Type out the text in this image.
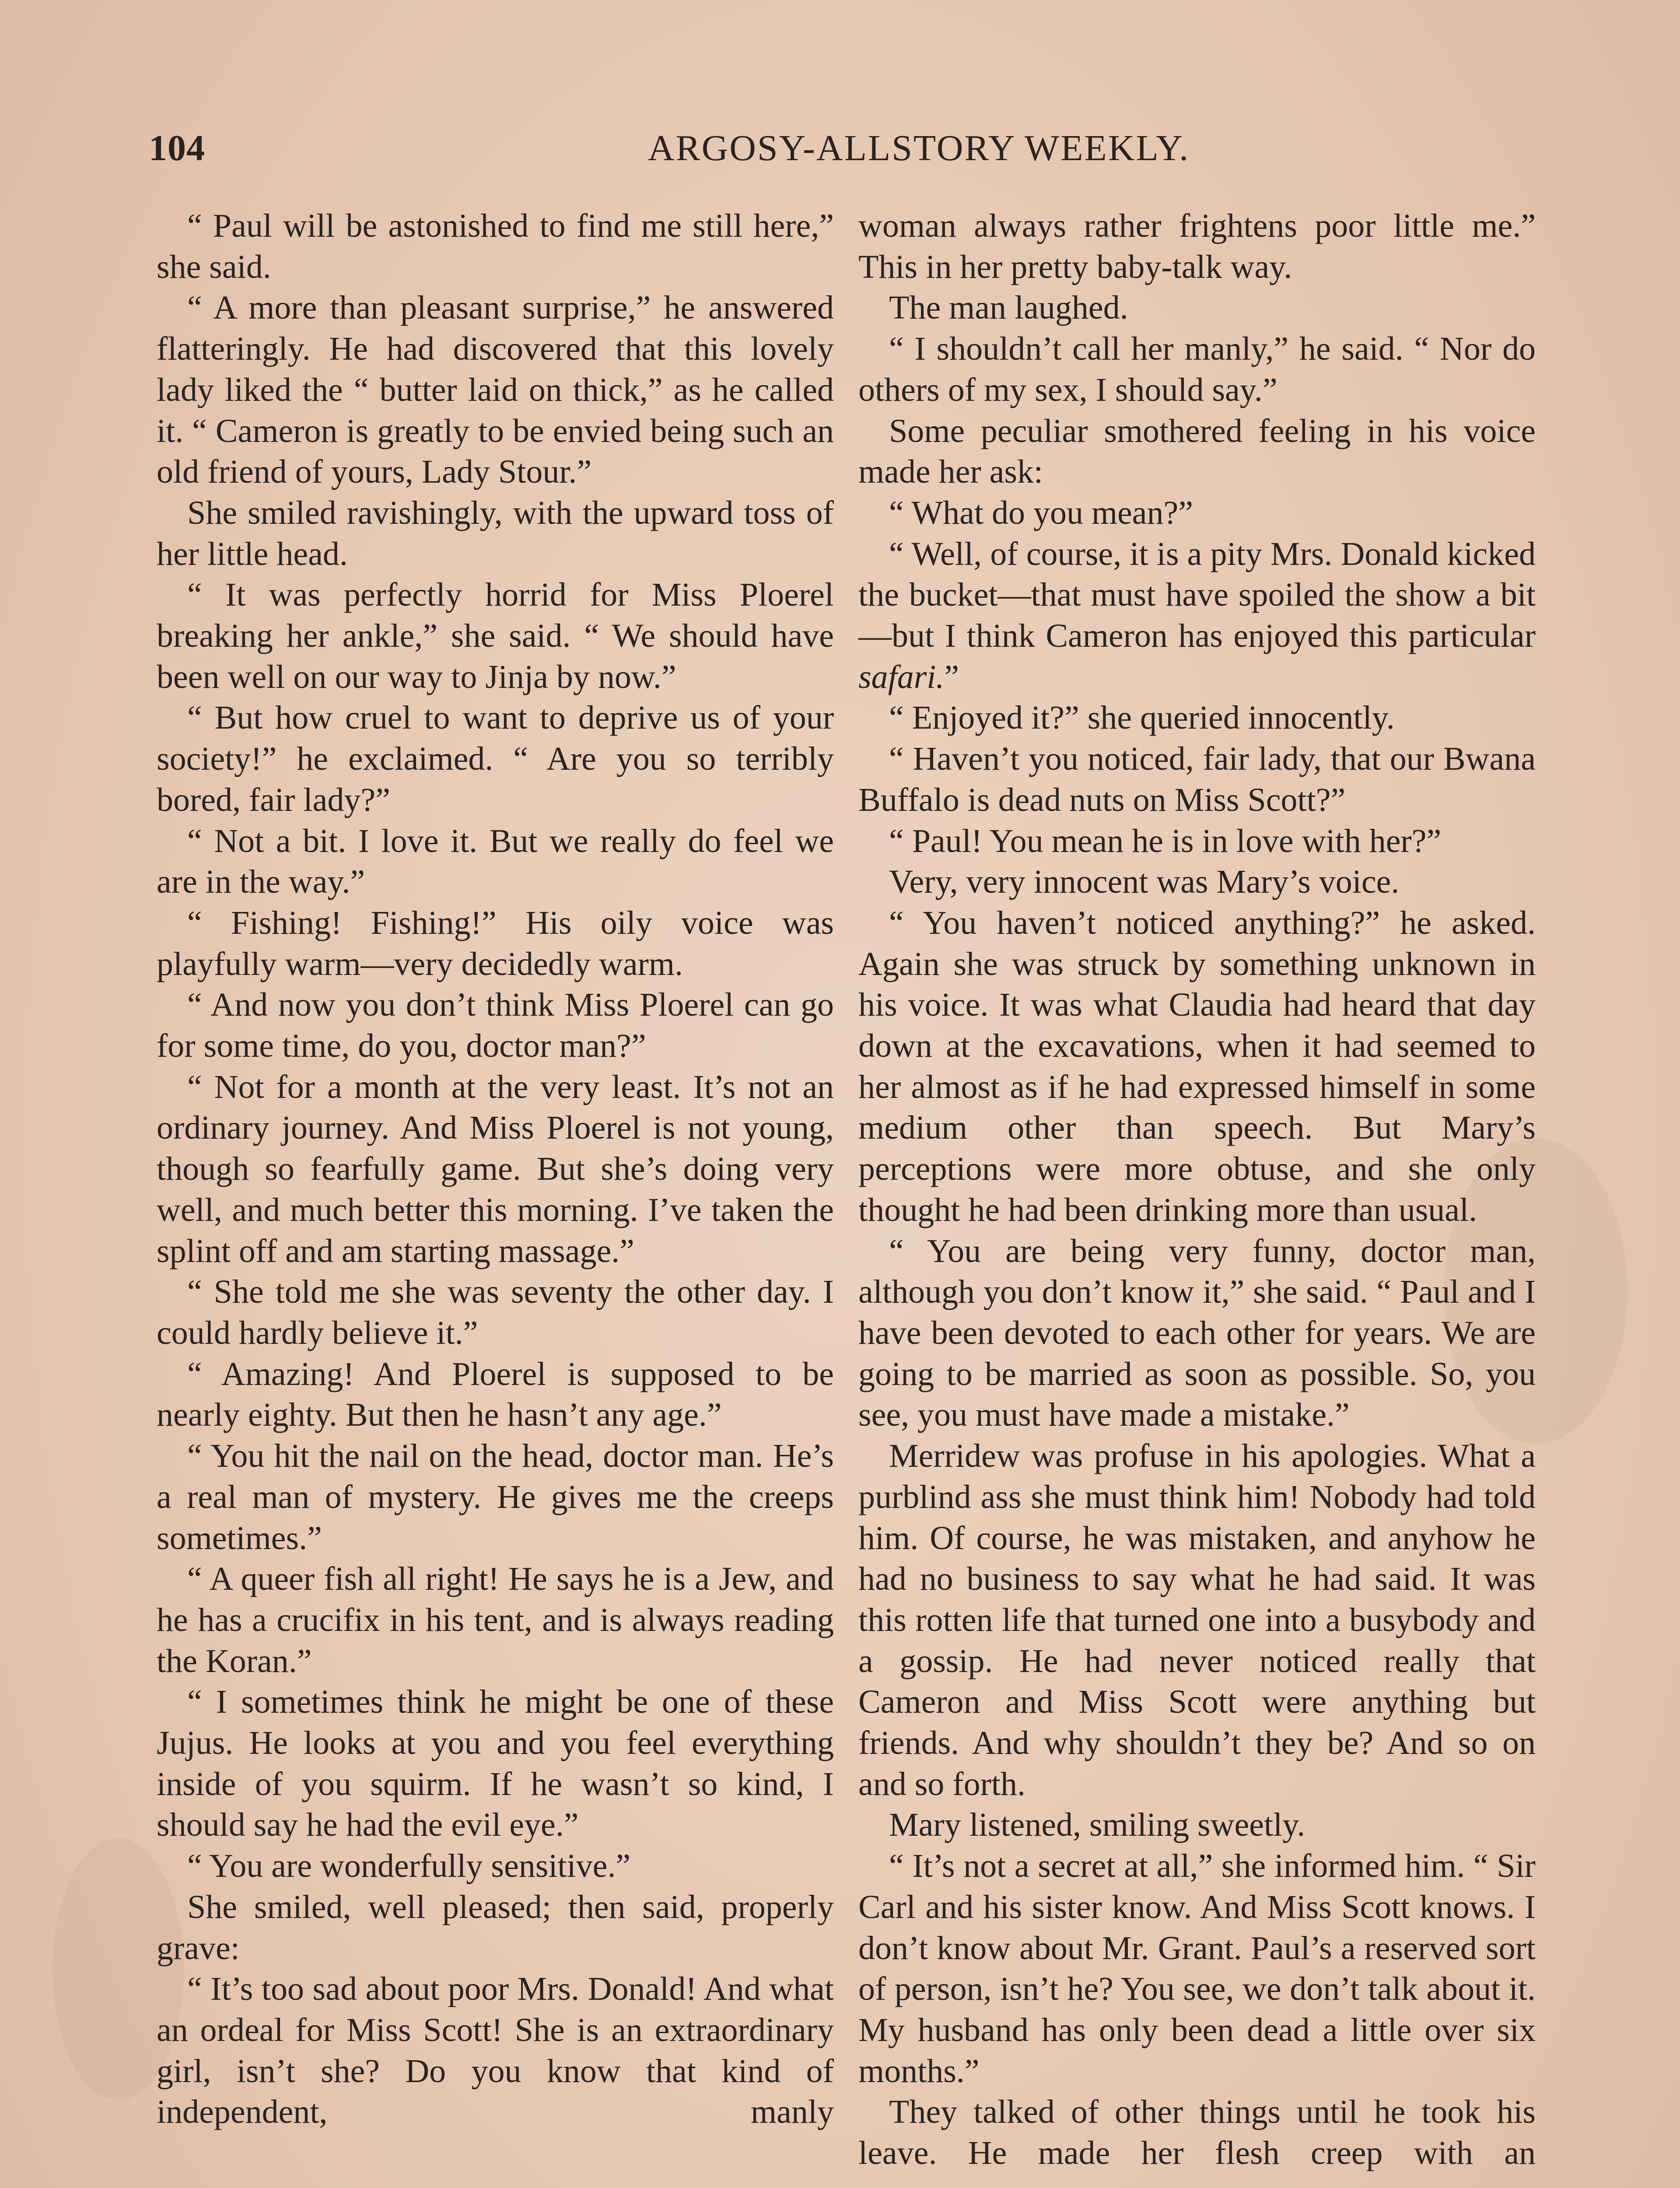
104	ARGOSY-ALLSTORY WEEKLY.

“ Paul will be astonished to find me still here,” she said.

“ A more than pleasant surprise,” he answered flatteringly. He had discovered that this lovely lady liked the “ butter laid on thick,” as he called it. “ Cameron is greatly to be envied being such an old friend of yours, Lady Stour.”

She smiled ravishingly, with the upward toss of her little head.

“ It was perfectly horrid for Miss Ploerel breaking her ankle,” she said. “ We should have been well on our way to Jinja by now.”

“ But how cruel to want to deprive us of your society!” he exclaimed. “ Are you so terribly bored, fair lady?”

“ Not a bit. I love it. But we really do feel we are in the way.”

“ Fishing! Fishing!” His oily voice was playfully warm—very decidedly warm.

“ And now you don’t think Miss Ploerel can go for some time, do you, doctor man?”

“ Not for a month at the very least. It’s not an ordinary journey. And Miss Ploerel is not young, though so fearfully game. But she’s doing very well, and much better this morning. I’ve taken the splint off and am starting massage.”

“ She told me she was seventy the other day. I could hardly believe it.”

“ Amazing! And Ploerel is supposed to be nearly eighty. But then he hasn’t any age.”

“ You hit the nail on the head, doctor man. He’s a real man of mystery. He gives me the creeps sometimes.”

“ A queer fish all right! He says he is a Jew, and he has a crucifix in his tent, and is always reading the Koran.”

“ I sometimes think he might be one of these Jujus. He looks at you and you feel everything inside of you squirm. If he wasn’t so kind, I should say he had the evil eye.”

“ You are wonderfully sensitive.”

She smiled, well pleased; then said, properly grave:

“ It’s too sad about poor Mrs. Donald! And what an ordeal for Miss Scott! She is an extraordinary girl, isn’t she? Do you know that kind of independent, manly

woman always rather frightens poor little me.” This in her pretty baby-talk way.

The man laughed.

“ I shouldn’t call her manly,” he said. “ Nor do others of my sex, I should say.”

Some peculiar smothered feeling in his voice made her ask:

“ What do you mean?”

“ Well, of course, it is a pity Mrs. Donald kicked the bucket—that must have spoiled the show a bit—but I think Cameron has enjoyed this particular safari.”

“ Enjoyed it?” she queried innocently.

“ Haven’t you noticed, fair lady, that our Bwana Buffalo is dead nuts on Miss Scott?”

“ Paul! You mean he is in love with her?”

Very, very innocent was Mary’s voice.

“ You haven’t noticed anything?” he asked. Again she was struck by something unknown in his voice. It was what Claudia had heard that day down at the excavations, when it had seemed to her almost as if he had expressed himself in some medium other than speech. But Mary’s perceptions were more obtuse, and she only thought he had been drinking more than usual.

“ You are being very funny, doctor man, although you don’t know it,” she said. “ Paul and I have been devoted to each other for years. We are going to be married as soon as possible. So, you see, you must have made a mistake.”

Merridew was profuse in his apologies. What a purblind ass she must think him! Nobody had told him. Of course, he was mistaken, and anyhow he had no business to say what he had said. It was this rotten life that turned one into a busybody and a gossip. He had never noticed really that Cameron and Miss Scott were anything but friends. And why shouldn’t they be? And so on and so forth.

Mary listened, smiling sweetly.

“ It’s not a secret at all,” she informed him. “ Sir Carl and his sister know. And Miss Scott knows. I don’t know about Mr. Grant. Paul’s a reserved sort of person, isn’t he? You see, we don’t talk about it. My husband has only been dead a little over six months.”

They talked of other things until he took his leave. He made her flesh creep with an
